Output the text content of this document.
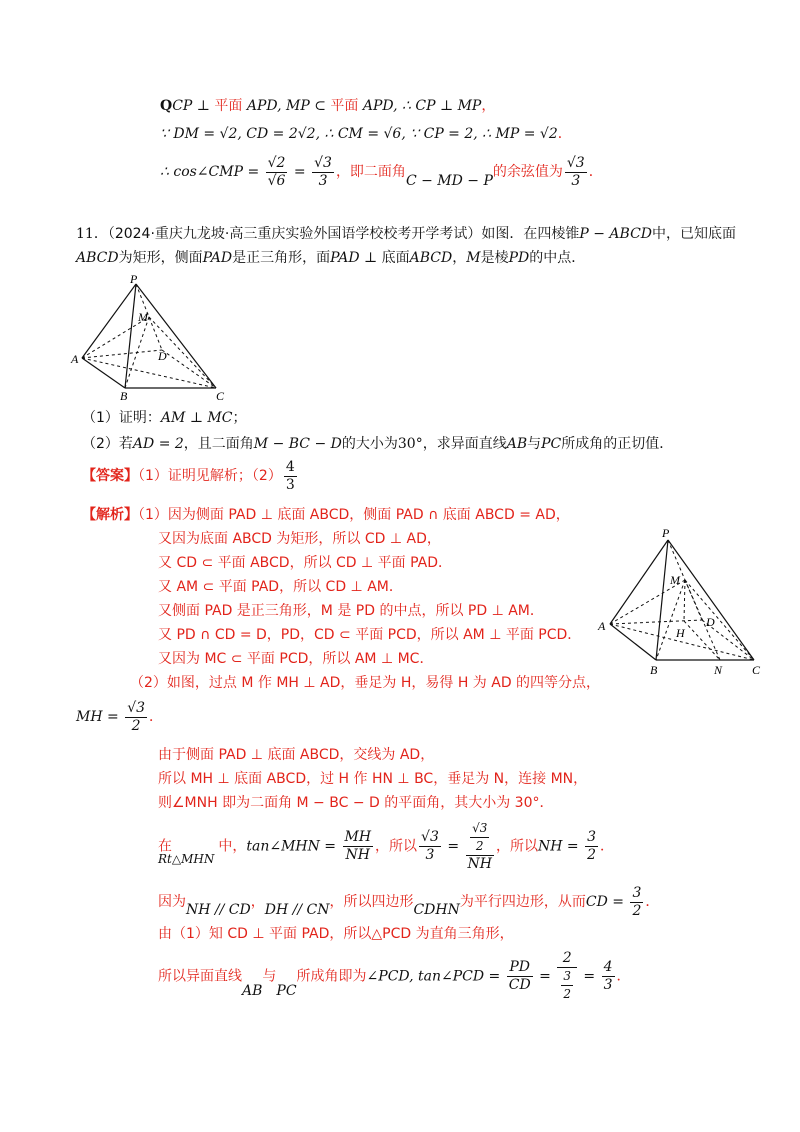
QCP ⊥ 平面 APD, MP ⊂ 平面 APD, ∴ CP ⊥ MP，
∵ DM = √2, CD = 2√2, ∴ CM = √6, ∵ CP = 2, ∴ MP = √2．
∴ cos∠CMP = $\frac{√2}{√6} = \frac{√3}{3}$ ，即二面角C − MD − P的余弦值为 $\frac{√3}{3}$ ．
11．（2024·重庆九龙坡·高三重庆实验外国语学校校考开学考试）如图．在四棱锥P − ABCD中，已知底面
ABCD为矩形，侧面PAD是正三角形，面PAD ⊥ 底面ABCD，M是棱PD的中点．
P
M
A	D
B	C
（1）证明：AM ⊥ MC；
（2）若AD = 2，且二面角M − BC − D的大小为30°，求异面直线AB与PC所成角的正切值．
【答案】（1）证明见解析；$(2) \frac{4}{3}$
【解析】（1）因为侧面 PAD ⊥ 底面 ABCD，侧面 PAD ∩ 底面 ABCD = AD，
又因为底面 ABCD 为矩形，所以 CD ⊥ AD，
又 CD ⊂ 平面 ABCD，所以 CD ⊥ 平面 PAD．
又 AM ⊂ 平面 PAD，所以 CD ⊥ AM．
又侧面 PAD 是正三角形，M 是 PD 的中点，所以 PD ⊥ AM．
又 PD ∩ CD = D，PD，CD ⊂ 平面 PCD，所以 AM ⊥ 平面 PCD．
又因为 MC ⊂ 平面 PCD，所以 AM ⊥ MC．
（2）如图，过点 M 作 MH ⊥ AD，垂足为 H，易得 H 为 AD 的四等分点，
MH = $\frac{√3}{2}$ ．
由于侧面 PAD ⊥ 底面 ABCD，交线为 AD，
所以 MH ⊥ 底面 ABCD，过 H 作 HN ⊥ BC，垂足为 N，连接 MN，
则∠MNH 即为二面角 M − BC − D 的平面角，其大小为 30°．
在Rt△MHN中，tan∠MHN = $\frac{MH}{NH}$ ，所以 $\frac{√3}{3} = \frac{\frac{√3}{2}}{NH}$ ，所以NH = $\frac{3}{2}$ ．
因为NH // CD，DH // CN，所以四边形CDHN为平行四边形，从而CD = $\frac{3}{2}$ ．
由（1）知 CD ⊥ 平面 PAD，所以△PCD 为直角三角形，
所以异面直线AB与PC所成角即为∠PCD, tan∠PCD = $\frac{PD}{CD} = \frac{2}{\frac{3}{2}} = \frac{4}{3}$ ．
P
M
A	D
H
B	N C
